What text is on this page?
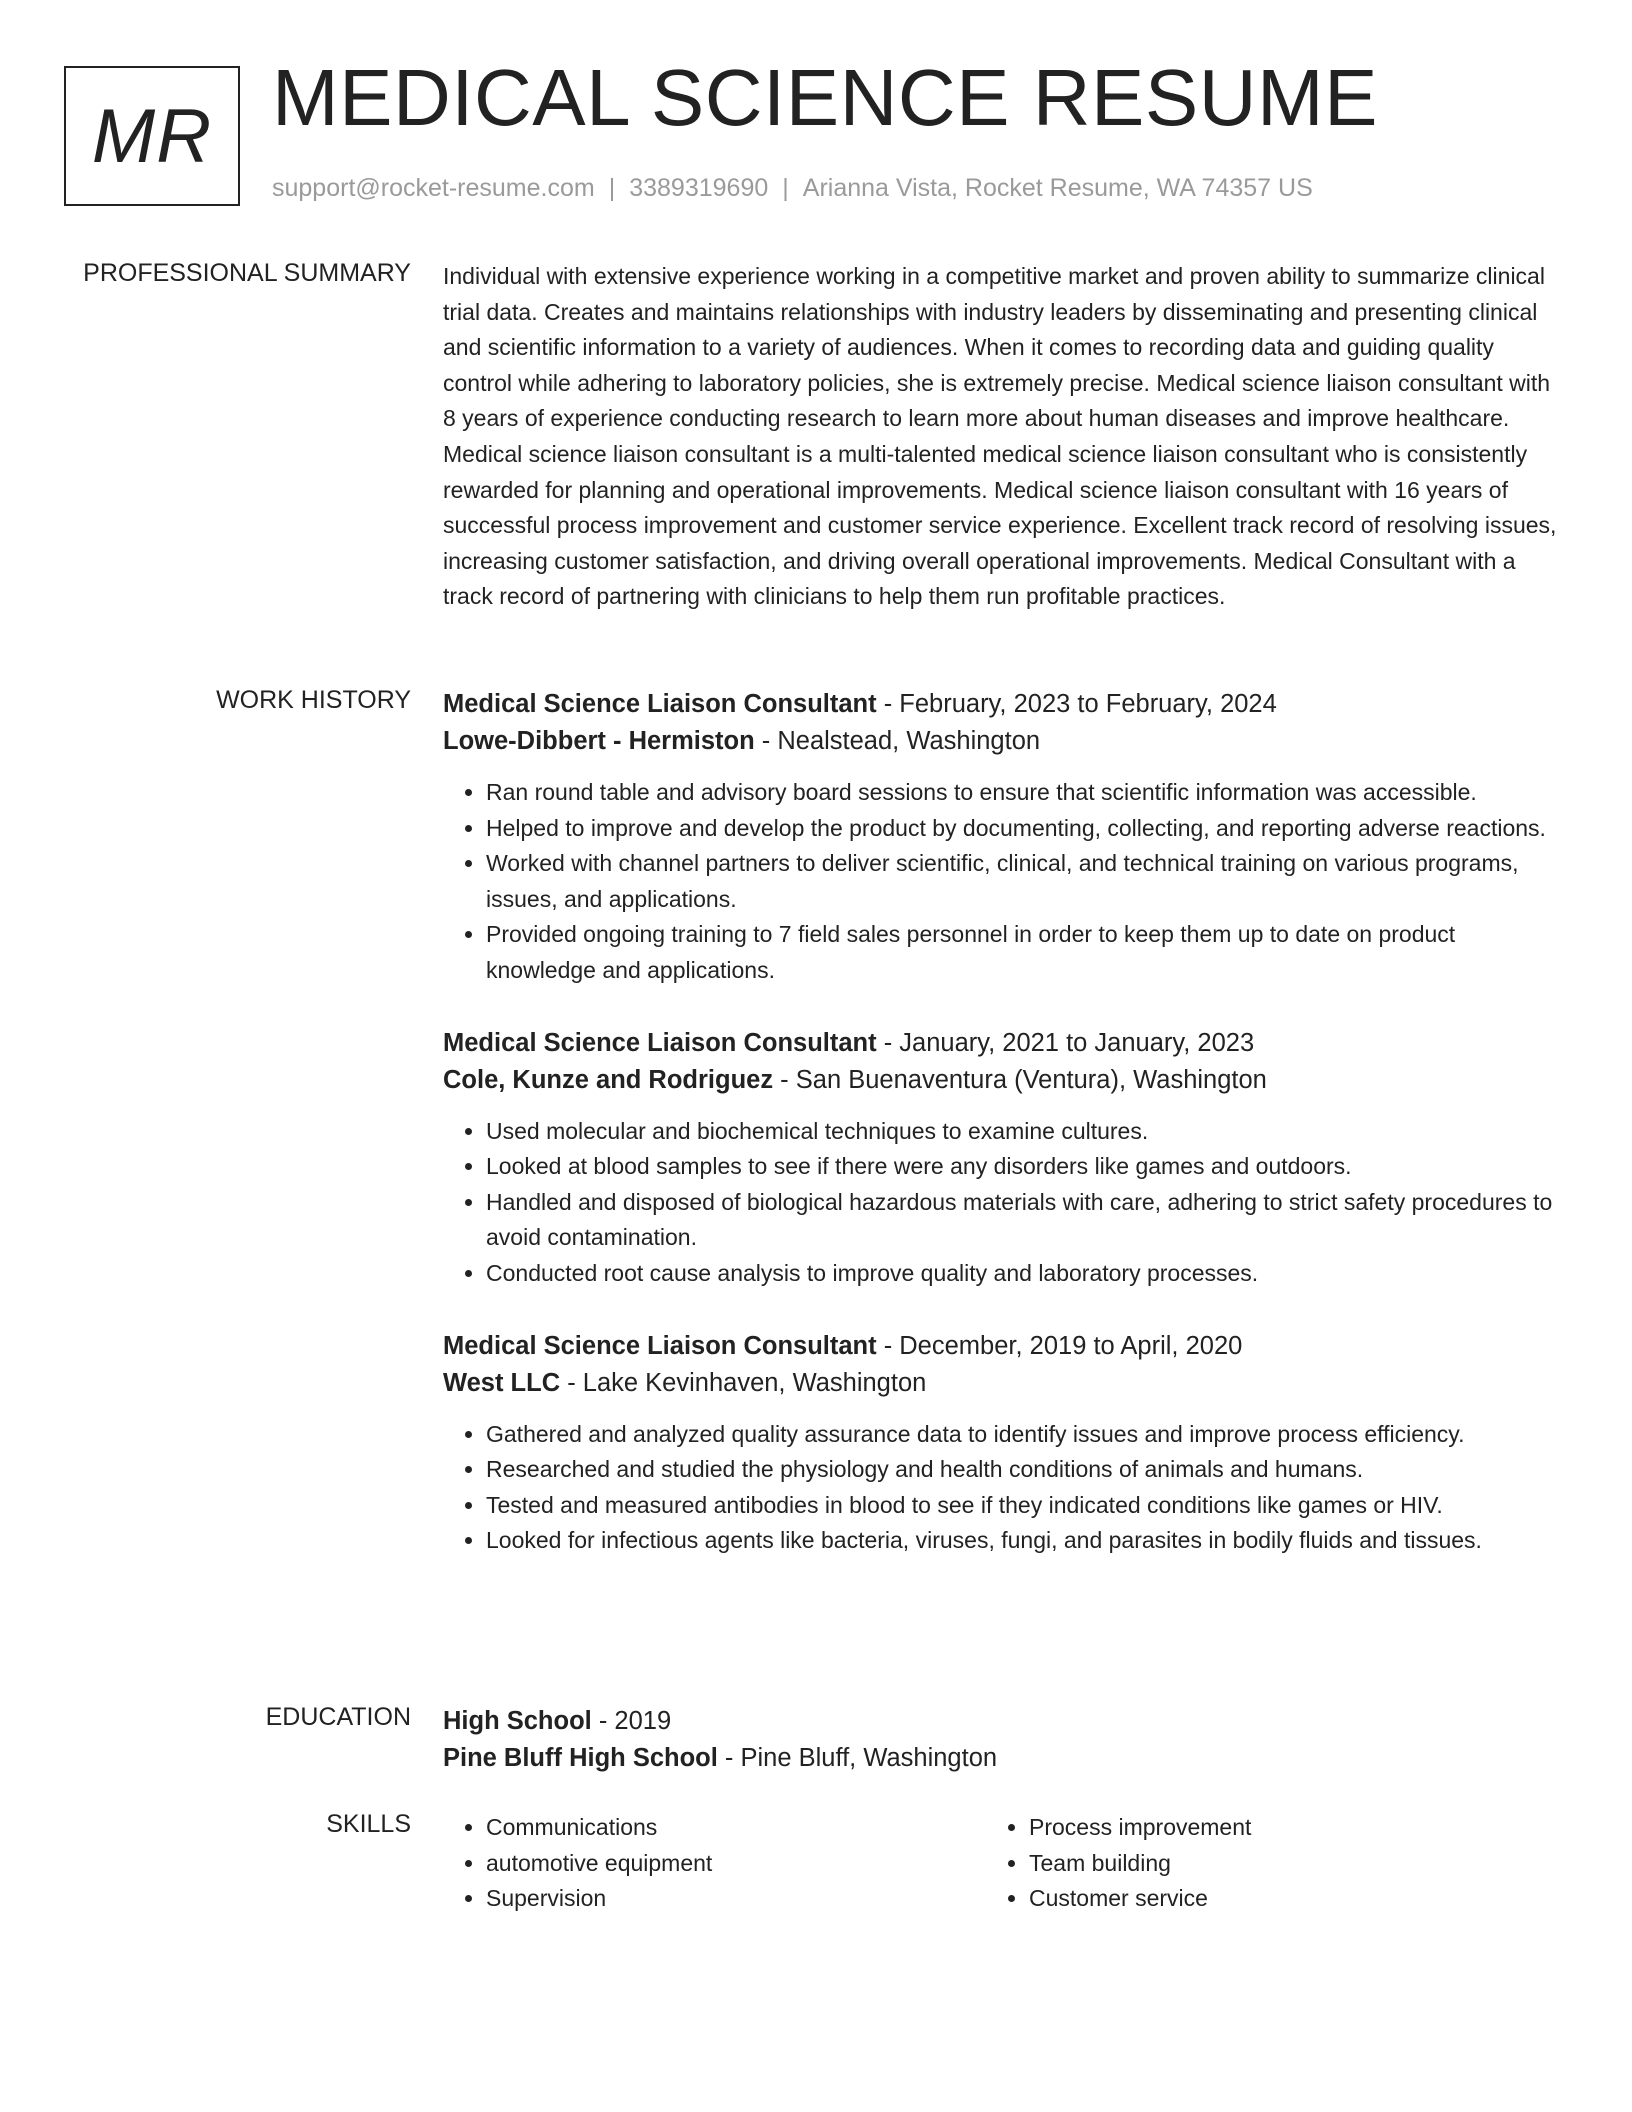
MR MEDICAL SCIENCE RESUME
support@rocket-resume.com | 3389319690 | Arianna Vista, Rocket Resume, WA 74357 US
PROFESSIONAL SUMMARY Individual with extensive experience working in a competitive market and proven ability to summarize clinical trial data. Creates and maintains relationships with industry leaders by disseminating and presenting clinical and scientific information to a variety of audiences. When it comes to recording data and guiding quality control while adhering to laboratory policies, she is extremely precise. Medical science liaison consultant with 8 years of experience conducting research to learn more about human diseases and improve healthcare. Medical science liaison consultant is a multi-talented medical science liaison consultant who is consistently rewarded for planning and operational improvements. Medical science liaison consultant with 16 years of successful process improvement and customer service experience. Excellent track record of resolving issues, increasing customer satisfaction, and driving overall operational improvements. Medical Consultant with a track record of partnering with clinicians to help them run profitable practices.
WORK HISTORY Medical Science Liaison Consultant - February, 2023 to February, 2024
Lowe-Dibbert - Hermiston - Nealstead, Washington
• Ran round table and advisory board sessions to ensure that scientific information was accessible.
• Helped to improve and develop the product by documenting, collecting, and reporting adverse reactions.
• Worked with channel partners to deliver scientific, clinical, and technical training on various programs, issues, and applications.
• Provided ongoing training to 7 field sales personnel in order to keep them up to date on product knowledge and applications.
Medical Science Liaison Consultant - January, 2021 to January, 2023
Cole, Kunze and Rodriguez - San Buenaventura (Ventura), Washington
• Used molecular and biochemical techniques to examine cultures.
• Looked at blood samples to see if there were any disorders like games and outdoors.
• Handled and disposed of biological hazardous materials with care, adhering to strict safety procedures to avoid contamination.
• Conducted root cause analysis to improve quality and laboratory processes.
Medical Science Liaison Consultant - December, 2019 to April, 2020
West LLC - Lake Kevinhaven, Washington
• Gathered and analyzed quality assurance data to identify issues and improve process efficiency.
• Researched and studied the physiology and health conditions of animals and humans.
• Tested and measured antibodies in blood to see if they indicated conditions like games or HIV.
• Looked for infectious agents like bacteria, viruses, fungi, and parasites in bodily fluids and tissues.
EDUCATION High School - 2019
Pine Bluff High School - Pine Bluff, Washington
SKILLS
•	Communications
• automotive equipment
• Supervision
• Process improvement
• Team building
• Customer service
